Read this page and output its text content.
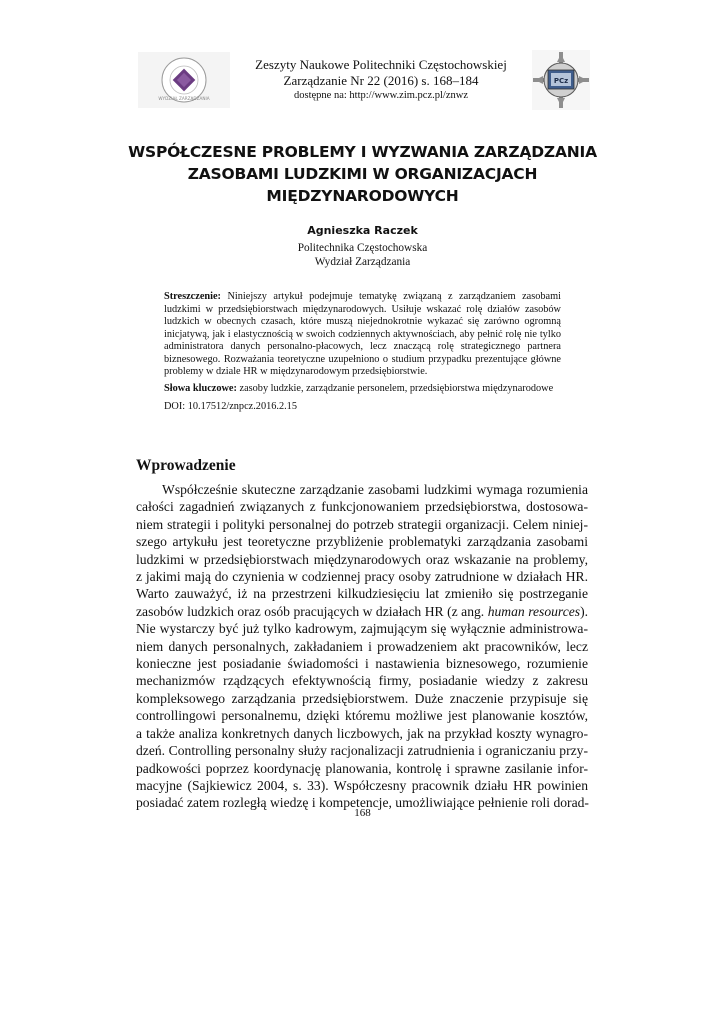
WYDZIAŁ ZARZĄDZANIA
Zeszyty Naukowe Politechniki Częstochowskiej
Zarządzanie Nr 22 (2016) s. 168–184
dostępne na: http://www.zim.pcz.pl/znwz
PCz
WSPÓŁCZESNE PROBLEMY I WYZWANIA ZARZĄDZANIA ZASOBAMI LUDZKIMI W ORGANIZACJACH MIĘDZYNARODOWYCH
Agnieszka Raczek
Politechnika Częstochowska
Wydział Zarządzania

Streszczenie: Niniejszy artykuł podejmuje tematykę związaną z zarządzaniem zasobami ludzkimi w przedsiębiorstwach międzynarodowych. Usiłuje wskazać rolę działów zasobów ludzkich w obecnych czasach, które muszą niejednokrotnie wykazać się zarówno ogromną inicjatywą, jak i elastycznością w swoich codziennych aktywnościach, aby pełnić rolę nie tylko administratora danych personalno-płacowych, lecz znaczącą rolę strategicznego partnera biznesowego. Rozważania teoretyczne uzupełniono o studium przypadku prezentujące główne problemy w dziale HR w międzynarodowym przedsiębiorstwie.

Słowa kluczowe: zasoby ludzkie, zarządzanie personelem, przedsiębiorstwa międzynarodowe

DOI: 10.17512/znpcz.2016.2.15

Wprowadzenie
Współcześnie skuteczne zarządzanie zasobami ludzkimi wymaga rozumienia
całości zagadnień związanych z funkcjonowaniem przedsiębiorstwa, dostosowa-
niem strategii i polityki personalnej do potrzeb strategii organizacji. Celem niniej-
szego artykułu jest teoretyczne przybliżenie problematyki zarządzania zasobami
ludzkimi w przedsiębiorstwach międzynarodowych oraz wskazanie na problemy,
z jakimi mają do czynienia w codziennej pracy osoby zatrudnione w działach HR.
Warto zauważyć, iż na przestrzeni kilkudziesięciu lat zmieniło się postrzeganie
zasobów ludzkich oraz osób pracujących w działach HR (z ang. human resources).
Nie wystarczy być już tylko kadrowym, zajmującym się wyłącznie administrowa-
niem danych personalnych, zakładaniem i prowadzeniem akt pracowników, lecz
konieczne jest posiadanie świadomości i nastawienia biznesowego, rozumienie
mechanizmów rządzących efektywnością firmy, posiadanie wiedzy z zakresu
kompleksowego zarządzania przedsiębiorstwem. Duże znaczenie przypisuje się
controllingowi personalnemu, dzięki któremu możliwe jest planowanie kosztów,
a także analiza konkretnych danych liczbowych, jak na przykład koszty wynagro-
dzeń. Controlling personalny służy racjonalizacji zatrudnienia i ograniczaniu przy-
padkowości poprzez koordynację planowania, kontrolę i sprawne zasilanie infor-
macyjne (Sajkiewicz 2004, s. 33). Współczesny pracownik działu HR powinien
posiadać zatem rozległą wiedzę i kompetencje, umożliwiające pełnienie roli dorad-
168
